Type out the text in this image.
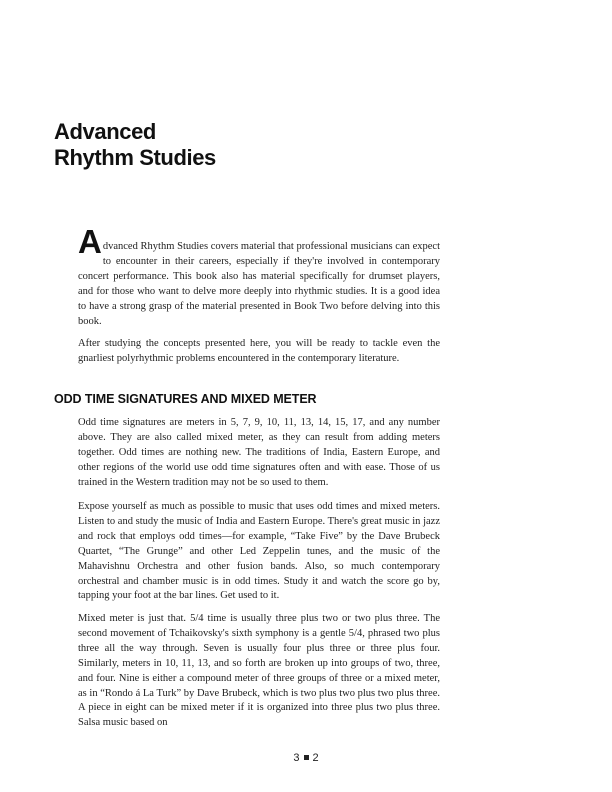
Advanced
Rhythm Studies

Advanced Rhythm Studies covers material that professional musicians can expect to encounter in their careers, especially if they're involved in contemporary concert performance. This book also has material specifically for drumset players, and for those who want to delve more deeply into rhythmic studies. It is a good idea to have a strong grasp of the material presented in Book Two before delving into this book.

After studying the concepts presented here, you will be ready to tackle even the gnarliest polyrhythmic problems encountered in the contemporary literature.

ODD TIME SIGNATURES AND MIXED METER

Odd time signatures are meters in 5, 7, 9, 10, 11, 13, 14, 15, 17, and any number above. They are also called mixed meter, as they can result from adding meters together. Odd times are nothing new. The traditions of India, Eastern Europe, and other regions of the world use odd time signatures often and with ease. Those of us trained in the Western tradition may not be so used to them.

Expose yourself as much as possible to music that uses odd times and mixed meters. Listen to and study the music of India and Eastern Europe. There's great music in jazz and rock that employs odd times—for example, “Take Five” by the Dave Brubeck Quartet, “The Grunge” and other Led Zeppelin tunes, and the music of the Mahavishnu Orchestra and other fusion bands. Also, so much contemporary orchestral and chamber music is in odd times. Study it and watch the score go by, tapping your foot at the bar lines. Get used to it.

Mixed meter is just that. 5/4 time is usually three plus two or two plus three. The second movement of Tchaikovsky's sixth symphony is a gentle 5/4, phrased two plus three all the way through. Seven is usually four plus three or three plus four. Similarly, meters in 10, 11, 13, and so forth are broken up into groups of two, three, and four. Nine is either a compound meter of three groups of three or a mixed meter, as in “Rondo á La Turk” by Dave Brubeck, which is two plus two plus two plus three. A piece in eight can be mixed meter if it is organized into three plus two plus three. Salsa music based on

3 2
